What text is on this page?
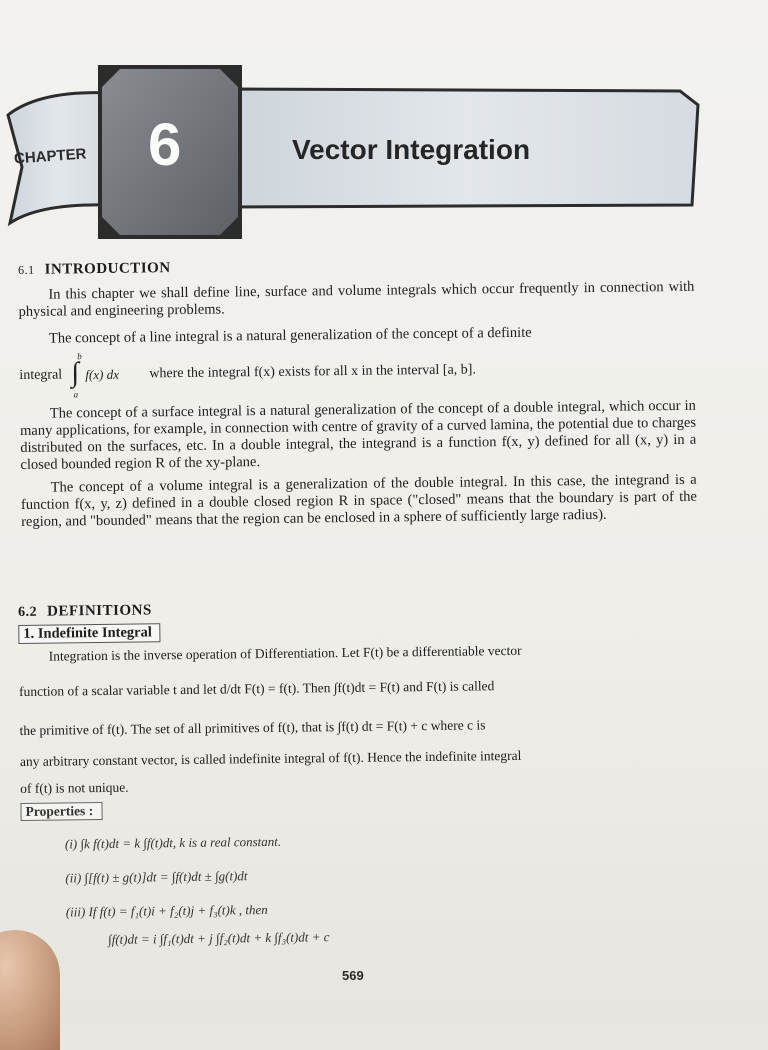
CHAPTER 6	Vector Integration

6.1 INTRODUCTION

In this chapter we shall define line, surface and volume integrals which occur frequently in connection with physical and engineering problems.

The concept of a line integral is a natural generalization of the concept of a definite

integral
b
∫
a
f(x) dx where the integral f(x) exists for all x in the interval [a, b].

The concept of a surface integral is a natural generalization of the concept of a double integral, which occur in many applications, for example, in connection with centre of gravity of a curved lamina, the potential due to charges distributed on the surfaces, etc. In a double integral, the integrand is a function f(x, y) defined for all (x, y) in a closed bounded region R of the xy-plane.

The concept of a volume integral is a generalization of the double integral. In this case, the integrand is a function f(x, y, z) defined in a double closed region R in space ("closed" means that the boundary is part of the region, and "bounded" means that the region can be enclosed in a sphere of sufficiently large radius).

6.2 DEFINITIONS

1. Indefinite Integral

Integration is the inverse operation of Differentiation. Let F(t) be a differentiable vector

function of a scalar variable t and let d/dt F(t) = f(t). Then ∫f(t)dt = F(t) and F(t) is called

the primitive of f(t). The set of all primitives of f(t), that is ∫f(t) dt = F(t) + c where c is

any arbitrary constant vector, is called indefinite integral of f(t). Hence the indefinite integral

of f(t) is not unique.

Properties :

(i) ∫k f(t)dt = k ∫f(t)dt, k is a real constant.

(ii) ∫[f(t) ± g(t)]dt = ∫f(t)dt ± ∫g(t)dt

(iii) If f(t) = f₁(t)i + f₂(t)j + f₃(t)k , then

∫f(t)dt = i ∫f₁(t)dt + j ∫f₂(t)dt + k ∫f₃(t)dt + c

569
